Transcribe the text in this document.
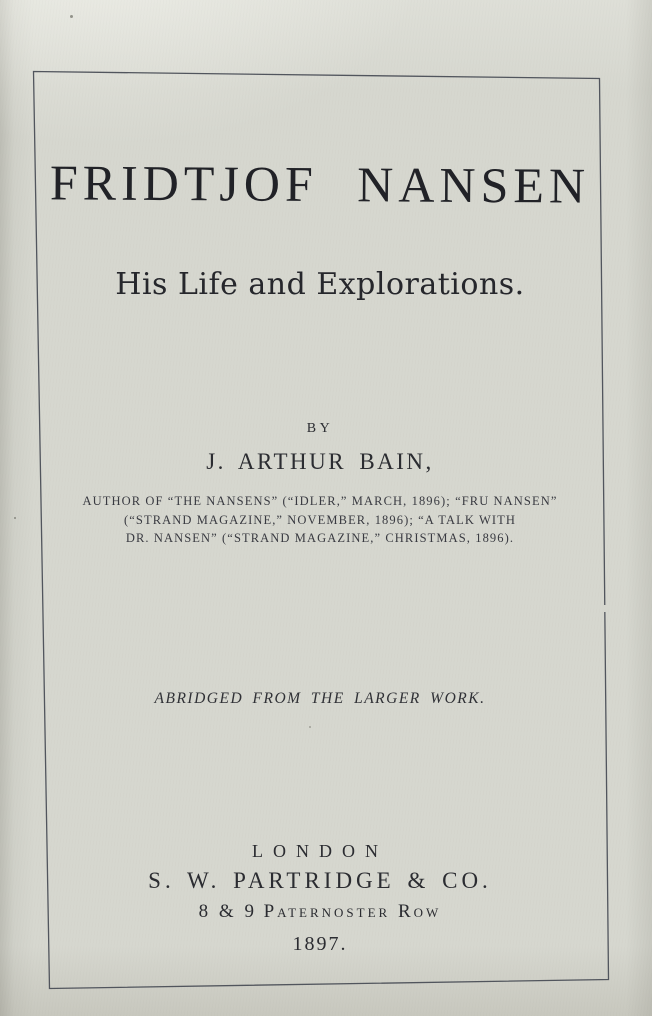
FRIDTJOF NANSEN
His Life and Explorations.
BY
J. ARTHUR BAIN,
AUTHOR OF “THE NANSENS” (“IDLER,” MARCH, 1896); “FRU NANSEN”
(“STRAND MAGAZINE,” NOVEMBER, 1896); “A TALK WITH
DR. NANSEN” (“STRAND MAGAZINE,” CHRISTMAS, 1896).
ABRIDGED FROM THE LARGER WORK.
LONDON
S. W. PARTRIDGE & CO.
8 & 9 Paternoster Row
1897.
